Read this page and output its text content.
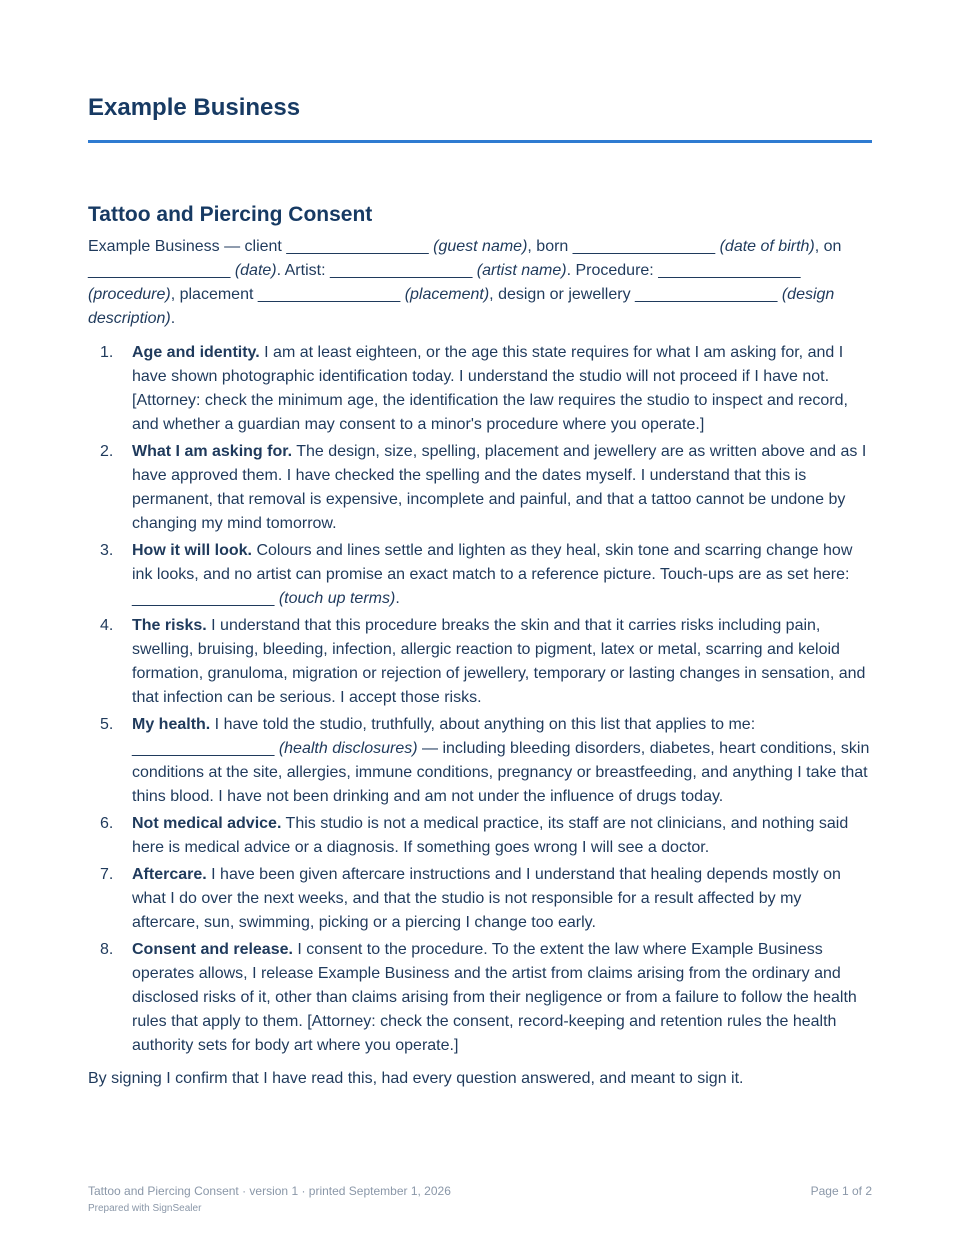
Example Business
Tattoo and Piercing Consent

Example Business — client ________________ (guest name), born ________________ (date of birth), on ________________ (date). Artist: ________________ (artist name). Procedure: ________________ (procedure), placement ________________ (placement), design or jewellery ________________ (design description).

1.	Age and identity. I am at least eighteen, or the age this state requires for what I am asking for, and I have shown photographic identification today. I understand the studio will not proceed if I have not. [Attorney: check the minimum age, the identification the law requires the studio to inspect and record, and whether a guardian may consent to a minor's procedure where you operate.]
2.	What I am asking for. The design, size, spelling, placement and jewellery are as written above and as I have approved them. I have checked the spelling and the dates myself. I understand that this is permanent, that removal is expensive, incomplete and painful, and that a tattoo cannot be undone by changing my mind tomorrow.
3.	How it will look. Colours and lines settle and lighten as they heal, skin tone and scarring change how ink looks, and no artist can promise an exact match to a reference picture. Touch-ups are as set here: ________________ (touch up terms).
4.	The risks. I understand that this procedure breaks the skin and that it carries risks including pain, swelling, bruising, bleeding, infection, allergic reaction to pigment, latex or metal, scarring and keloid formation, granuloma, migration or rejection of jewellery, temporary or lasting changes in sensation, and that infection can be serious. I accept those risks.
5.	My health. I have told the studio, truthfully, about anything on this list that applies to me: ________________ (health disclosures) — including bleeding disorders, diabetes, heart conditions, skin conditions at the site, allergies, immune conditions, pregnancy or breastfeeding, and anything I take that thins blood. I have not been drinking and am not under the influence of drugs today.
6.	Not medical advice. This studio is not a medical practice, its staff are not clinicians, and nothing said here is medical advice or a diagnosis. If something goes wrong I will see a doctor.
7.	Aftercare. I have been given aftercare instructions and I understand that healing depends mostly on what I do over the next weeks, and that the studio is not responsible for a result affected by my aftercare, sun, swimming, picking or a piercing I change too early.
8.	Consent and release. I consent to the procedure. To the extent the law where Example Business operates allows, I release Example Business and the artist from claims arising from the ordinary and disclosed risks of it, other than claims arising from their negligence or from a failure to follow the health rules that apply to them. [Attorney: check the consent, record-keeping and retention rules the health authority sets for body art where you operate.]

By signing I confirm that I have read this, had every question answered, and meant to sign it.

Tattoo and Piercing Consent · version 1 · printed September 1, 2026
Prepared with SignSealer
Page 1 of 2
